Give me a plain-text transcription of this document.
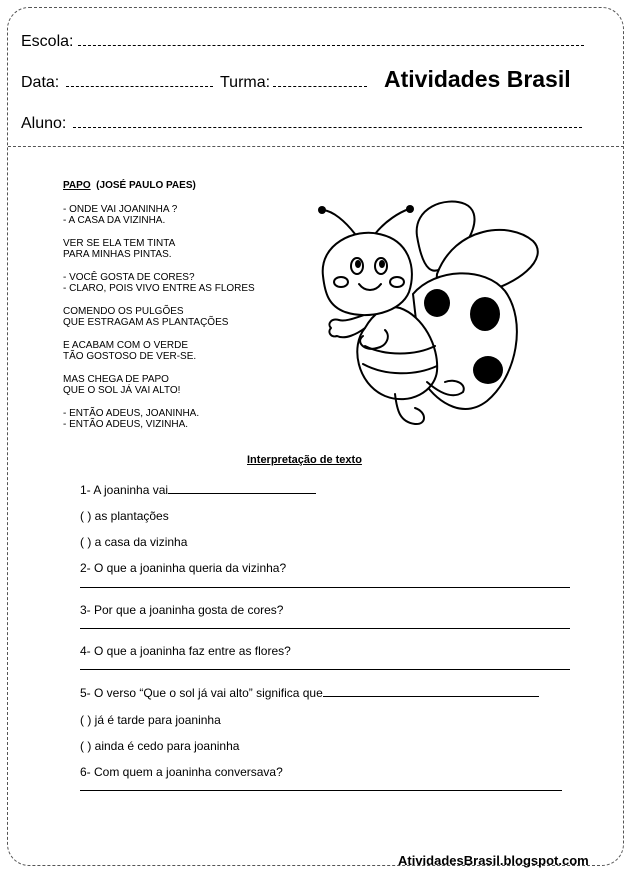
Escola:
Data:	Turma:	Atividades Brasil
Aluno:
PAPO (JOSÉ PAULO PAES)
- ONDE VAI JOANINHA ?
- A CASA DA VIZINHA.
VER SE ELA TEM TINTA
PARA MINHAS PINTAS.
- VOCÊ GOSTA DE CORES?
- CLARO, POIS VIVO ENTRE AS FLORES
COMENDO OS PULGÕES
QUE ESTRAGAM AS PLANTAÇÕES
E ACABAM COM O VERDE
TÃO GOSTOSO DE VER-SE.
MAS CHEGA DE PAPO
QUE O SOL JÁ VAI ALTO!
- ENTÃO ADEUS, JOANINHA.
- ENTÃO ADEUS, VIZINHA.
Interpretação de texto
1- A joaninha vai
( ) as plantações
( ) a casa da vizinha
2- O que a joaninha queria da vizinha?
3- Por que a joaninha gosta de cores?
4- O que a joaninha faz entre as flores?
5- O verso “Que o sol já vai alto” significa que
( ) já é tarde para joaninha
( ) ainda é cedo para joaninha
6- Com quem a joaninha conversava?
AtividadesBrasil.blogspot.com
